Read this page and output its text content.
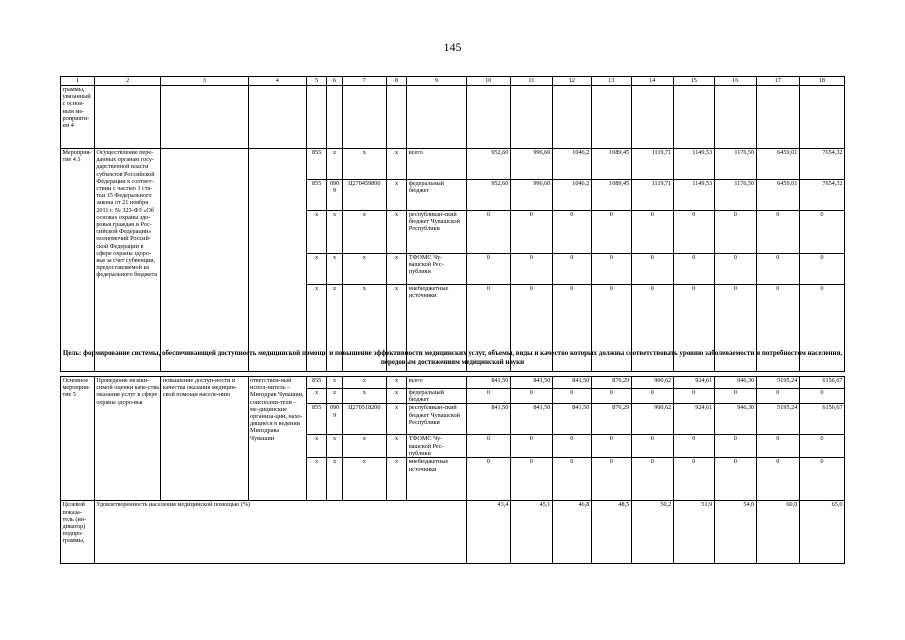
145
1	2	3	4	5	6	7	8	9	10	11	12	13	14	15	16	17	18
граммы, увязанный с основ-ным ме-роприяти-ем 4																	
Мероприя-тие 4.1	Осуществление пере-данных органам госу-дарственной власти субъектов Российской Федерации в соответ-ствии с частью 1 ста-тьи 15 Федерального закона от 21 ноября 2011 г. № 323-ФЗ «Об основах охраны здо-ровья граждан в Рос-сийской Федерации» полномочий Россий-ской Федерации в сфере охраны здоро-вья за счет субвенции, предоставляемой из федерального бюджета			855	x	x	x	всего	952,60	996,60	1046,2	1089,45	1119,71	1149,53	1176,50	6459,01	7654,32
				855	0909	Ц270459800	x	федеральный бюджет	952,60	996,60	1046,2	1089,45	1119,71	1149,53	1176,50	6459,01	7654,32
				x	x	x	x	республикан-ский бюджет Чувашской Республики	0	0	0	0	0	0	0	0	0
				x	x	x	x	ТФОМС Чу-вашской Рес-публики	0	0	0	0	0	0	0	0	0
				x	x	x	x	внебюджетные источники	0	0	0	0	0	0	0	0	0
Цель: формирование системы, обеспечивающей доступность медицинской помощи и повышение эффективности медицинских услуг, объемы, виды и качество которых должны соответствовать уровню заболеваемости и потребностям населения, передовым достижениям медицинской науки
Основное мероприя-тие 5	Проведение незави-симой оценки каче-ства оказания услуг в сфере охраны здоро-вья	повышение доступ-ности и качества оказания медицин-ской помощи населе-нию	ответствен-ный испол-нитель – Минздрав Чувашии, соисполни-тели – ме-дицинские организа-ции, нахо-дящиеся в ведении Минздрава Чувашии	855	x	x	x	всего	841,50	841,50	841,50	876,29	900,62	924,61	946,30	5195,24	6156,67
				x	x	x	x	федеральный бюджет	0	0	0	0	0	0	0	0	0
				855	0909	Ц270518200	x	республикан-ский бюджет Чувашской Республики	841,50	841,50	841,50	876,29	900,62	924,61	946,30	5195,24	6156,67
				x	x	x	x	ТФОМС Чу-вашской Рес-публики	0	0	0	0	0	0	0	0	0
				x	x	x	x	внебюджетные источники	0	0	0	0	0	0	0	0	0
Целевой показа-тель (ин-дикатор) подпро-граммы,	Удовлетворенность населения медицинской помощью (%)								43,4	45,1	46,8	48,5	50,2	51,9	54,0	60,0	65,0
